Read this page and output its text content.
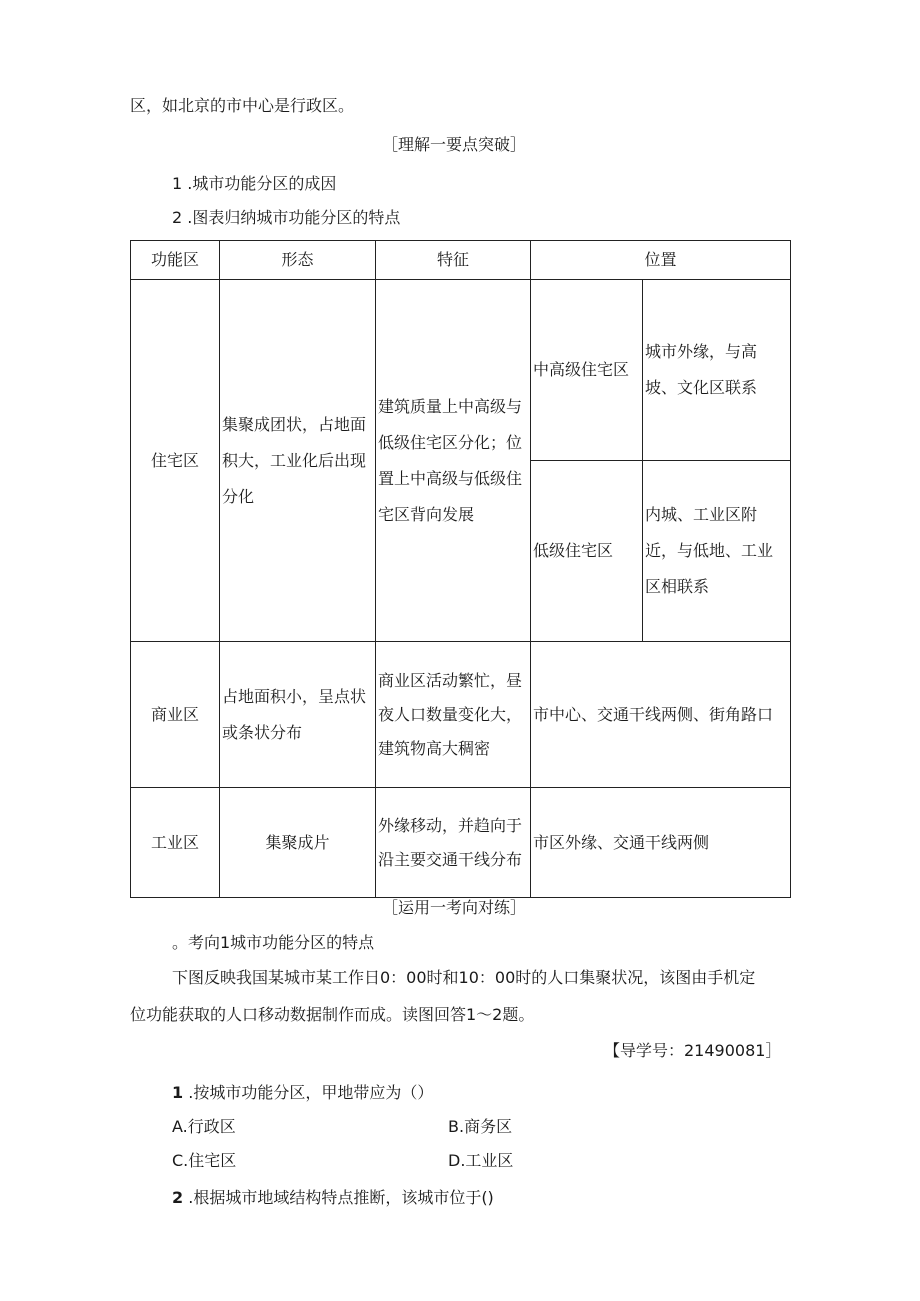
区，如北京的市中心是行政区。
［理解一要点突破］
1 .城市功能分区的成因
2 .图表归纳城市功能分区的特点
功能区	形态	特征	位置	
住宅区	集聚成团状，占地面积大，工业化后出现分化	建筑质量上中高级与低级住宅区分化；位置上中高级与低级住宅区背向发展	中高级住宅区	城市外缘，与高坡、文化区联系
			低级住宅区	内城、工业区附近，与低地、工业区相联系
商业区	占地面积小，呈点状或条状分布	商业区活动繁忙，昼夜人口数量变化大，建筑物高大稠密	市中心、交通干线两侧、街角路口	
工业区	集聚成片	外缘移动，并趋向于沿主要交通干线分布	市区外缘、交通干线两侧	
［运用一考向对练］
。考向1城市功能分区的特点
下图反映我国某城市某工作日0：00时和10：00时的人口集聚状况，该图由手机定
位功能获取的人口移动数据制作而成。读图回答1～2题。
【导学号：21490081］
1 .按城市功能分区，甲地带应为（）
A.行政区	B.商务区
C.住宅区	D.工业区
2 .根据城市地域结构特点推断，该城市位于()
